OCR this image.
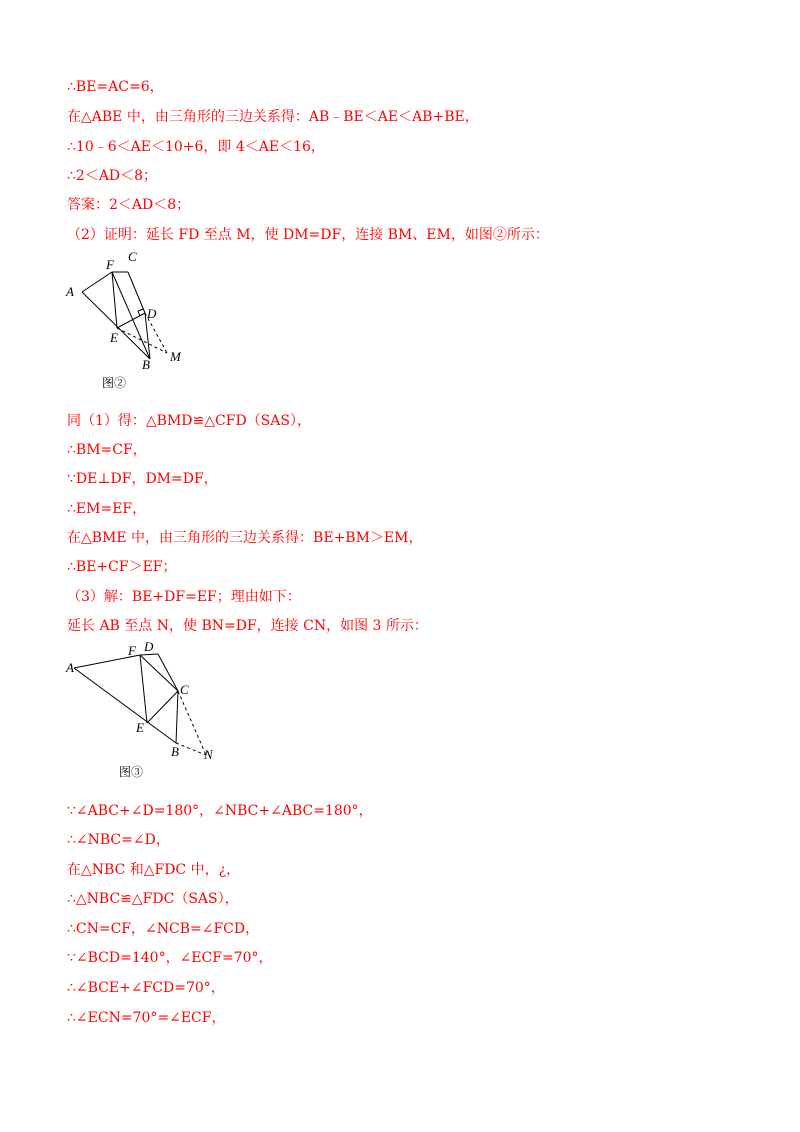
∴BE=AC=6，
在△ABE 中，由三角形的三边关系得：AB﹣BE＜AE＜AB+BE，
∴10﹣6＜AE＜10+6，即 4＜AE＜16，
∴2＜AD＜8；
答案：2＜AD＜8；
（2）证明：延长 FD 至点 M，使 DM=DF，连接 BM、EM，如图②所示：
A
F
C
D
E
B
M
图②
同（1）得：△BMD≌△CFD（SAS），
∴BM=CF，
∵DE⊥DF，DM=DF，
∴EM=EF，
在△BME 中，由三角形的三边关系得：BE+BM＞EM，
∴BE+CF＞EF；
（3）解：BE+DF=EF；理由如下：
延长 AB 至点 N，使 BN=DF，连接 CN，如图 3 所示：
A
F D
C
E
B N
图③
∵∠ABC+∠D=180°，∠NBC+∠ABC=180°，
∴∠NBC=∠D，
在△NBC 和△FDC 中，¿，
∴△NBC≌△FDC（SAS），
∴CN=CF，∠NCB=∠FCD，
∵∠BCD=140°，∠ECF=70°，
∴∠BCE+∠FCD=70°，
∴∠ECN=70°=∠ECF，
